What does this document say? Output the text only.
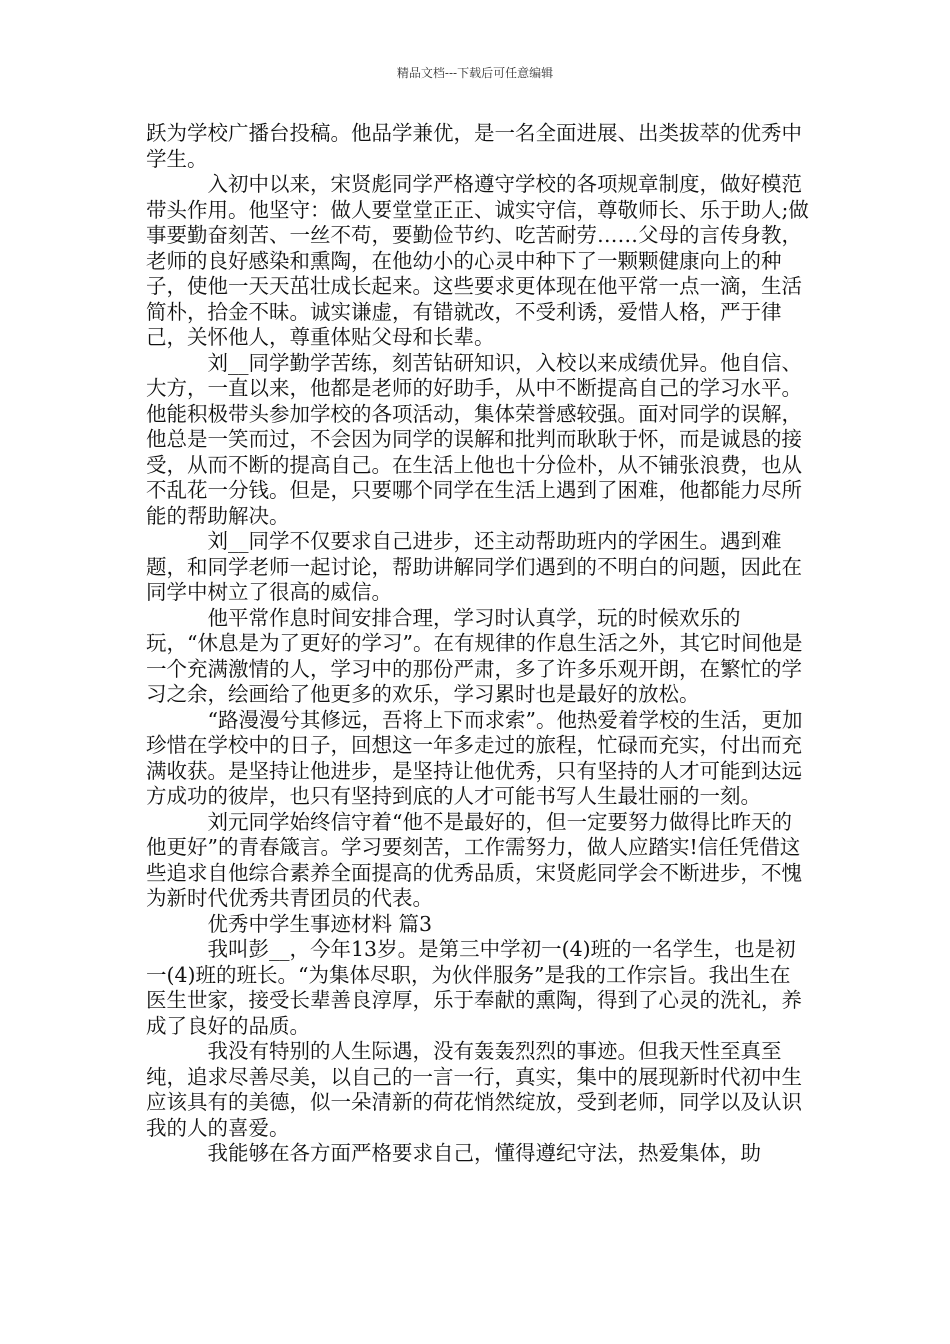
精品文档---下载后可任意编辑

跃为学校广播台投稿。他品学兼优，是一名全面进展、出类拔萃的优秀中学生。

　　　入初中以来，宋贤彪同学严格遵守学校的各项规章制度，做好模范带头作用。他坚守：做人要堂堂正正、诚实守信，尊敬师长、乐于助人;做事要勤奋刻苦、一丝不苟，要勤俭节约、吃苦耐劳……父母的言传身教，老师的良好感染和熏陶，在他幼小的心灵中种下了一颗颗健康向上的种子，使他一天天茁壮成长起来。这些要求更体现在他平常一点一滴，生活简朴，拾金不昧。诚实谦虚，有错就改，不受利诱，爱惜人格，严于律己，关怀他人，尊重体贴父母和长辈。

　　　刘__同学勤学苦练，刻苦钻研知识，入校以来成绩优异。他自信、大方，一直以来，他都是老师的好助手，从中不断提高自己的学习水平。他能积极带头参加学校的各项活动，集体荣誉感较强。面对同学的误解，他总是一笑而过，不会因为同学的误解和批判而耿耿于怀，而是诚恳的接受，从而不断的提高自己。在生活上他也十分俭朴，从不铺张浪费，也从不乱花一分钱。但是，只要哪个同学在生活上遇到了困难，他都能力尽所能的帮助解决。

　　　刘__同学不仅要求自己进步，还主动帮助班内的学困生。遇到难题，和同学老师一起讨论，帮助讲解同学们遇到的不明白的问题，因此在同学中树立了很高的威信。

　　　他平常作息时间安排合理，学习时认真学，玩的时候欢乐的玩，“休息是为了更好的学习”。在有规律的作息生活之外，其它时间他是一个充满激情的人，学习中的那份严肃，多了许多乐观开朗，在繁忙的学习之余，绘画给了他更多的欢乐，学习累时也是最好的放松。

　　　“路漫漫兮其修远，吾将上下而求索”。他热爱着学校的生活，更加珍惜在学校中的日子，回想这一年多走过的旅程，忙碌而充实，付出而充满收获。是坚持让他进步，是坚持让他优秀，只有坚持的人才可能到达远方成功的彼岸，也只有坚持到底的人才可能书写人生最壮丽的一刻。

　　　刘元同学始终信守着“他不是最好的，但一定要努力做得比昨天的他更好”的青春箴言。学习要刻苦，工作需努力，做人应踏实!信任凭借这些追求自他综合素养全面提高的优秀品质，宋贤彪同学会不断进步，不愧为新时代优秀共青团员的代表。

　　　优秀中学生事迹材料 篇3

　　　我叫彭__，今年13岁。是第三中学初一(4)班的一名学生，也是初一(4)班的班长。“为集体尽职，为伙伴服务”是我的工作宗旨。我出生在医生世家，接受长辈善良淳厚，乐于奉献的熏陶，得到了心灵的洗礼，养成了良好的品质。

　　　我没有特别的人生际遇，没有轰轰烈烈的事迹。但我天性至真至纯，追求尽善尽美，以自己的一言一行，真实，集中的展现新时代初中生应该具有的美德，似一朵清新的荷花悄然绽放，受到老师，同学以及认识我的人的喜爱。

　　　我能够在各方面严格要求自己，懂得遵纪守法，热爱集体，助
